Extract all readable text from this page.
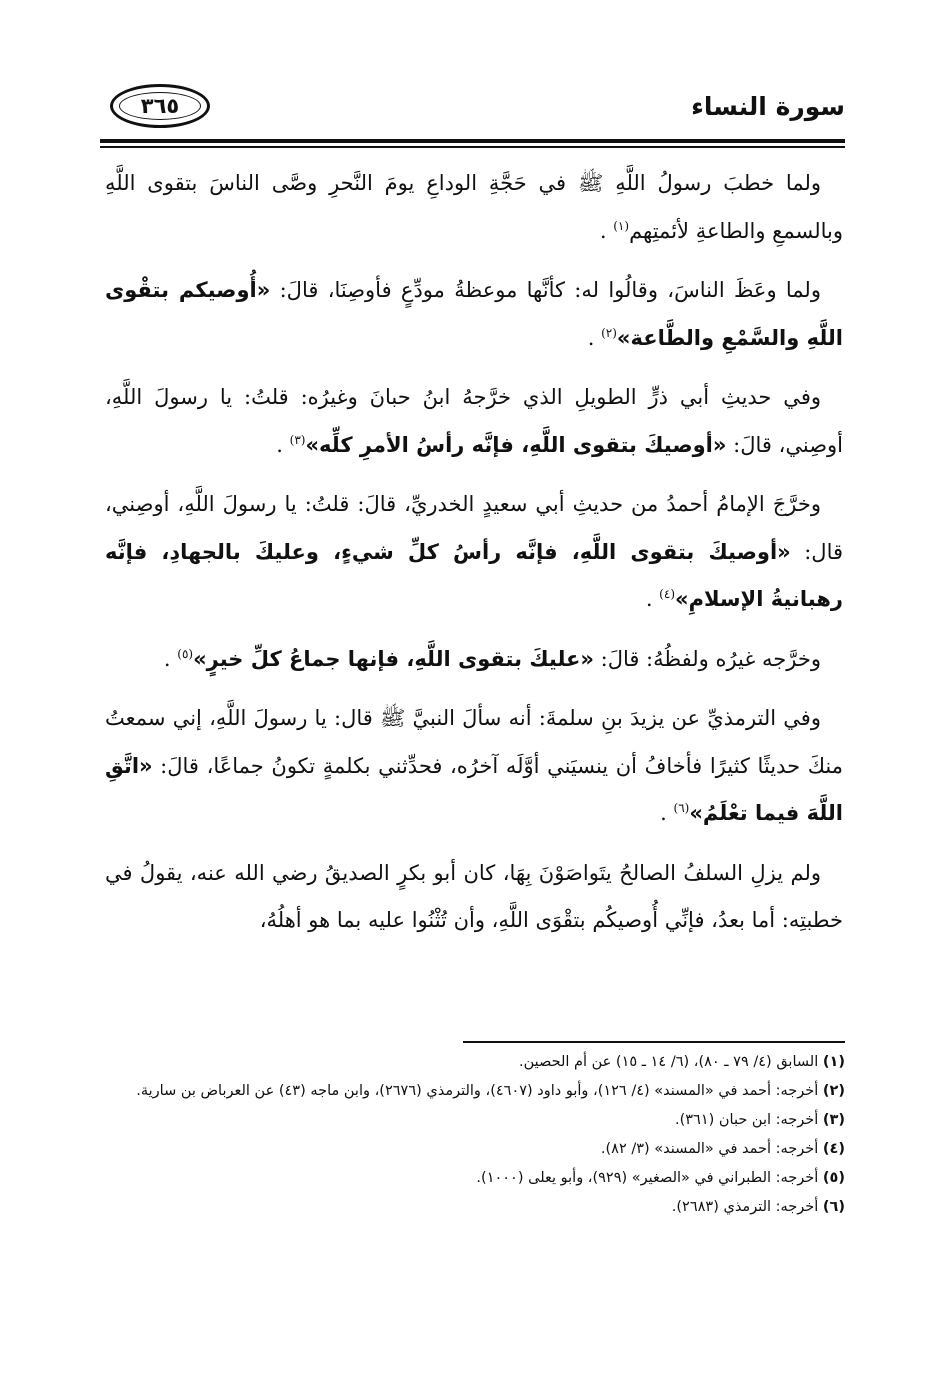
سورة النساء
٣٦٥

ولما خطبَ رسولُ اللَّهِ ﷺ في حَجَّةِ الوداعِ يومَ النَّحرِ وصَّى الناسَ بتقوى اللَّهِ وبالسمعِ والطاعةِ لأئمتِهم$^{(١)}$ .

ولما وعَظَ الناسَ، وقالُوا له: كأنَّها موعظةُ مودِّعٍ فأوصِنَا، قالَ: «أُوصيكم بتقْوى اللَّهِ والسَّمْعِ والطَّاعة»$^{(٢)}$ .

وفي حديثِ أبي ذرٍّ الطويلِ الذي خرَّجهُ ابنُ حبانَ وغيرُه: قلتُ: يا رسولَ اللَّهِ، أوصِني، قالَ: «أوصيكَ بتقوى اللَّهِ، فإنَّه رأسُ الأمرِ كلِّه»$^{(٣)}$ .

وخرَّجَ الإمامُ أحمدُ من حديثِ أبي سعيدٍ الخدريِّ، قالَ: قلتُ: يا رسولَ اللَّهِ، أوصِني، قال: «أوصيكَ بتقوى اللَّهِ، فإنَّه رأسُ كلِّ شيءٍ، وعليكَ بالجهادِ، فإنَّه رهبانيةُ الإسلامِ»$^{(٤)}$ .

وخرَّجه غيرُه ولفظُهُ: قالَ: «عليكَ بتقوى اللَّهِ، فإنها جماعُ كلِّ خيرٍ»$^{(٥)}$ .

وفي الترمذيِّ عن يزيدَ بنِ سلمةَ: أنه سألَ النبيَّ ﷺ قال: يا رسولَ اللَّهِ، إني سمعتُ منكَ حديثًا كثيرًا فأخافُ أن ينسيَني أوَّلَه آخرُه، فحدِّثني بكلمةٍ تكونُ جماعًا، قالَ: «اتَّقِ اللَّهَ فيما تعْلَمُ»$^{(٦)}$ .

ولم يزلِ السلفُ الصالحُ يتَواصَوْنَ بِهَا، كان أبو بكرٍ الصديقُ رضي الله عنه، يقولُ في خطبتِه: أما بعدُ، فإنِّي أُوصيكُم بتقْوَى اللَّهِ، وأن تُثْنُوا عليه بما هو أهلُهُ،

(١) السابق (٤/ ٧٩ ـ ٨٠)، (٦/ ١٤ ـ ١٥) عن أم الحصين.

(٢) أخرجه: أحمد في «المسند» (٤/ ١٢٦)، وأبو داود (٤٦٠٧)، والترمذي (٢٦٧٦)، وابن ماجه (٤٣) عن العرباض بن سارية.

(٣) أخرجه: ابن حبان (٣٦١).

(٤) أخرجه: أحمد في «المسند» (٣/ ٨٢).

(٥) أخرجه: الطبراني في «الصغير» (٩٢٩)، وأبو يعلى (١٠٠٠).

(٦) أخرجه: الترمذي (٢٦٨٣).
